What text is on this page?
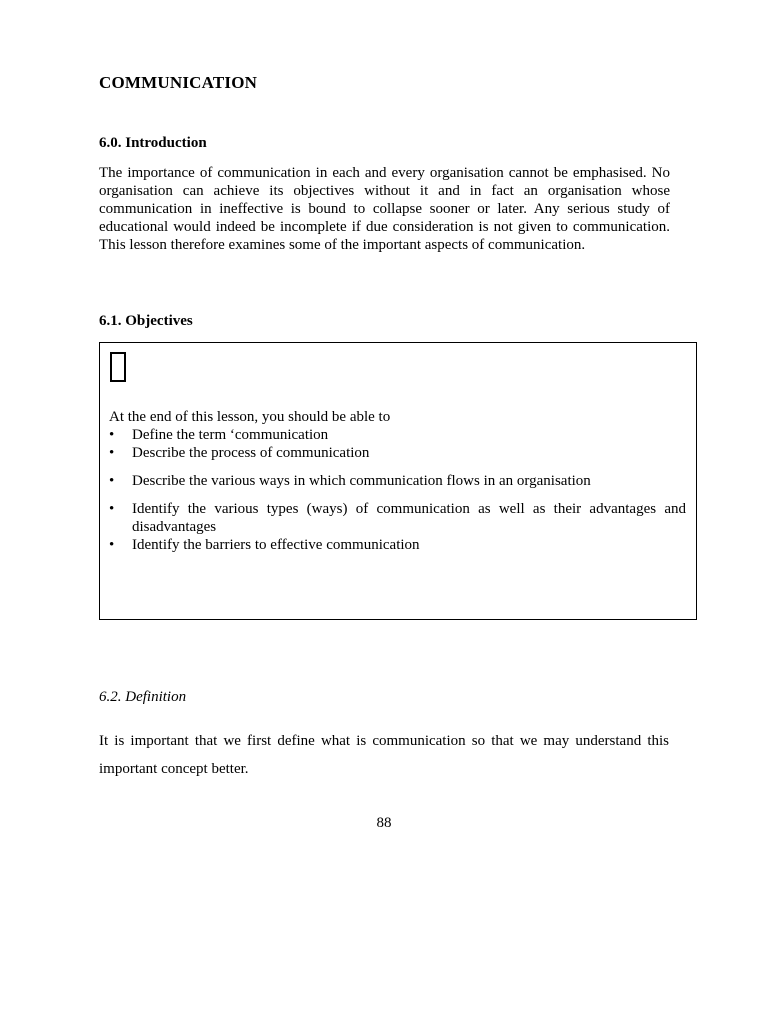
COMMUNICATION
6.0. Introduction
The importance of communication in each and every organisation cannot be emphasised. No organisation can achieve its objectives without it and in fact an organisation whose communication in ineffective is bound to collapse sooner or later. Any serious study of educational would indeed be incomplete if due consideration is not given to communication. This lesson therefore examines some of the important aspects of communication.
6.1. Objectives
At the end of this lesson, you should be able to
•	Define the term ‘communication
•	Describe the process of communication
•	Describe the various ways in which communication flows in an organisation
•	Identify the various types (ways) of communication as well as their advantages and disadvantages
•	Identify the barriers to effective communication
6.2. Definition
It is important that we first define what is communication so that we may understand this important concept better.
88
